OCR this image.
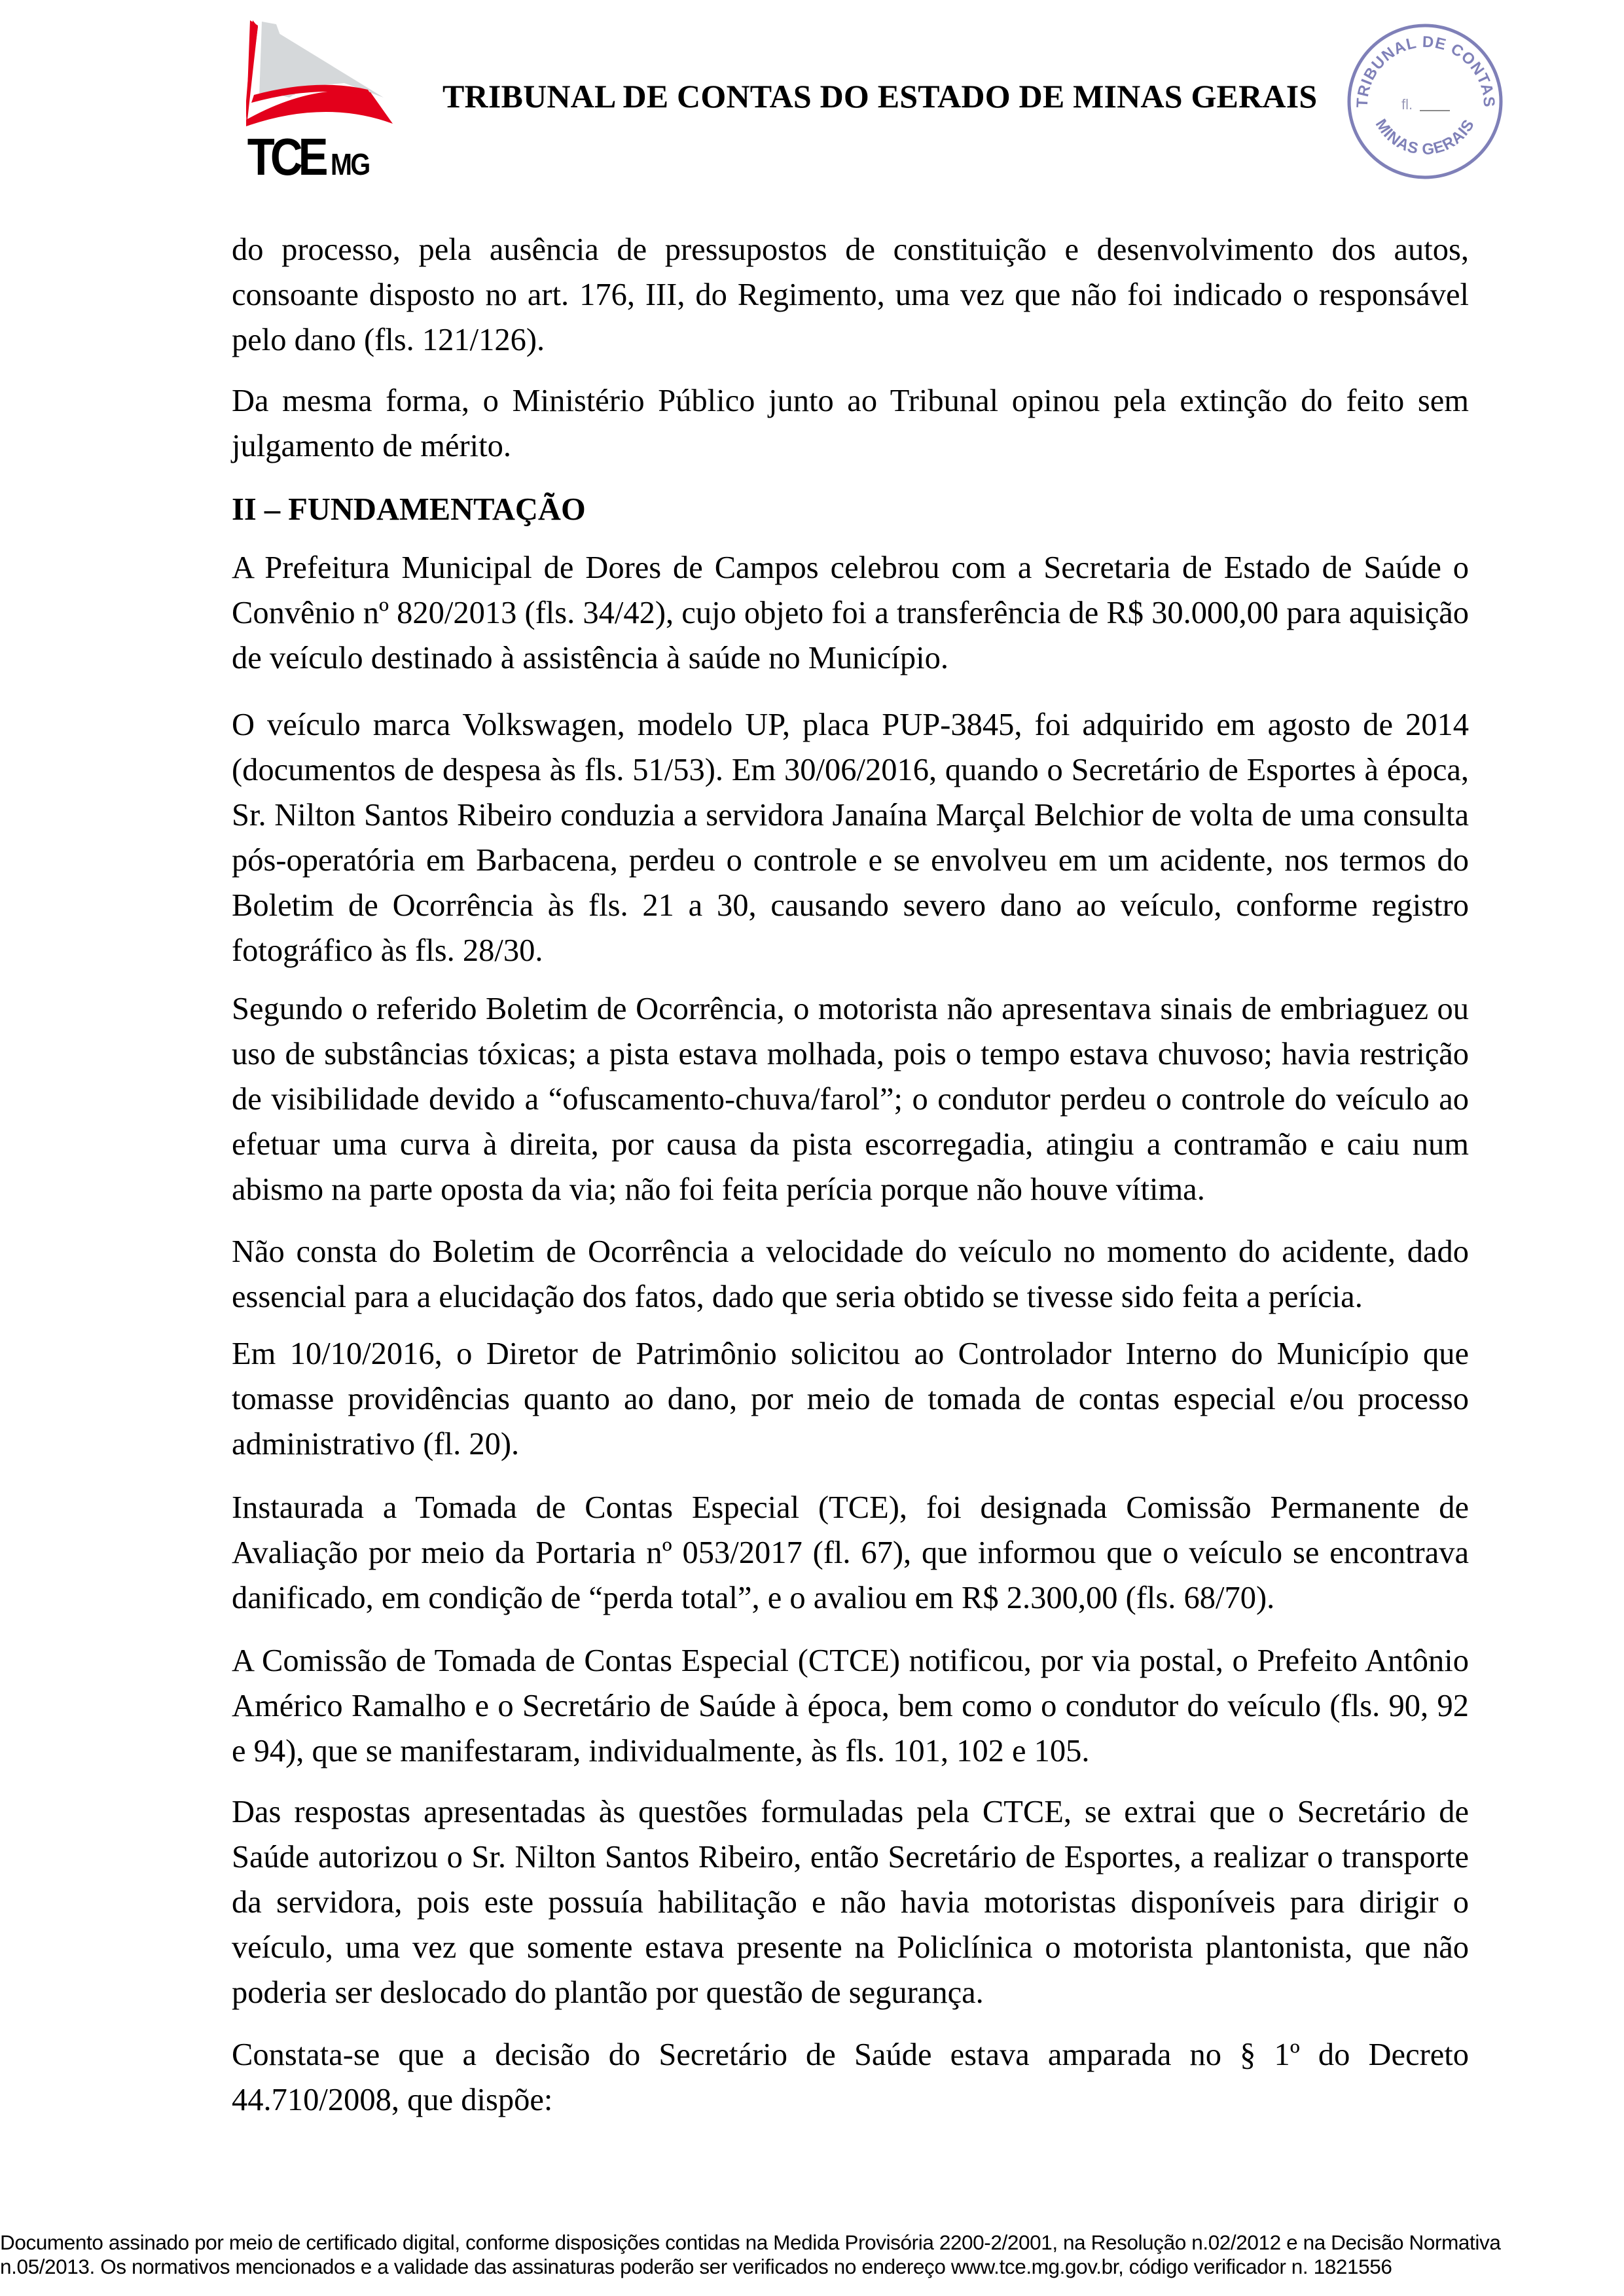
TCE MG
TRIBUNAL DE CONTAS DO ESTADO DE MINAS GERAIS TRIBUNAL DE CONTAS
MINAS GERAIS
fl.

do processo, pela ausência de pressupostos de constituição e desenvolvimento dos autos, consoante disposto no art. 176, III, do Regimento, uma vez que não foi indicado o responsável pelo dano (fls. 121/126).

Da mesma forma, o Ministério Público junto ao Tribunal opinou pela extinção do feito sem julgamento de mérito.

II – FUNDAMENTAÇÃO

A Prefeitura Municipal de Dores de Campos celebrou com a Secretaria de Estado de Saúde o Convênio nº 820/2013 (fls. 34/42), cujo objeto foi a transferência de R$ 30.000,00 para aquisição de veículo destinado à assistência à saúde no Município.

O veículo marca Volkswagen, modelo UP, placa PUP-3845, foi adquirido em agosto de 2014 (documentos de despesa às fls. 51/53). Em 30/06/2016, quando o Secretário de Esportes à época, Sr. Nilton Santos Ribeiro conduzia a servidora Janaína Marçal Belchior de volta de uma consulta pós-operatória em Barbacena, perdeu o controle e se envolveu em um acidente, nos termos do Boletim de Ocorrência às fls. 21 a 30, causando severo dano ao veículo, conforme registro fotográfico às fls. 28/30.

Segundo o referido Boletim de Ocorrência, o motorista não apresentava sinais de embriaguez ou uso de substâncias tóxicas; a pista estava molhada, pois o tempo estava chuvoso; havia restrição de visibilidade devido a “ofuscamento-chuva/farol”; o condutor perdeu o controle do veículo ao efetuar uma curva à direita, por causa da pista escorregadia, atingiu a contramão e caiu num abismo na parte oposta da via; não foi feita perícia porque não houve vítima.

Não consta do Boletim de Ocorrência a velocidade do veículo no momento do acidente, dado essencial para a elucidação dos fatos, dado que seria obtido se tivesse sido feita a perícia.

Em 10/10/2016, o Diretor de Patrimônio solicitou ao Controlador Interno do Município que tomasse providências quanto ao dano, por meio de tomada de contas especial e/ou processo administrativo (fl. 20).

Instaurada a Tomada de Contas Especial (TCE), foi designada Comissão Permanente de Avaliação por meio da Portaria nº 053/2017 (fl. 67), que informou que o veículo se encontrava danificado, em condição de “perda total”, e o avaliou em R$ 2.300,00 (fls. 68/70).

A Comissão de Tomada de Contas Especial (CTCE) notificou, por via postal, o Prefeito Antônio Américo Ramalho e o Secretário de Saúde à época, bem como o condutor do veículo (fls. 90, 92 e 94), que se manifestaram, individualmente, às fls. 101, 102 e 105.

Das respostas apresentadas às questões formuladas pela CTCE, se extrai que o Secretário de Saúde autorizou o Sr. Nilton Santos Ribeiro, então Secretário de Esportes, a realizar o transporte da servidora, pois este possuía habilitação e não havia motoristas disponíveis para dirigir o veículo, uma vez que somente estava presente na Policlínica o motorista plantonista, que não poderia ser deslocado do plantão por questão de segurança.

Constata-se que a decisão do Secretário de Saúde estava amparada no § 1º do Decreto 44.710/2008, que dispõe:

Documento assinado por meio de certificado digital, conforme disposições contidas na Medida Provisória 2200-2/2001, na Resolução n.02/2012 e na Decisão Normativa
n.05/2013. Os normativos mencionados e a validade das assinaturas poderão ser verificados no endereço www.tce.mg.gov.br, código verificador n. 1821556
